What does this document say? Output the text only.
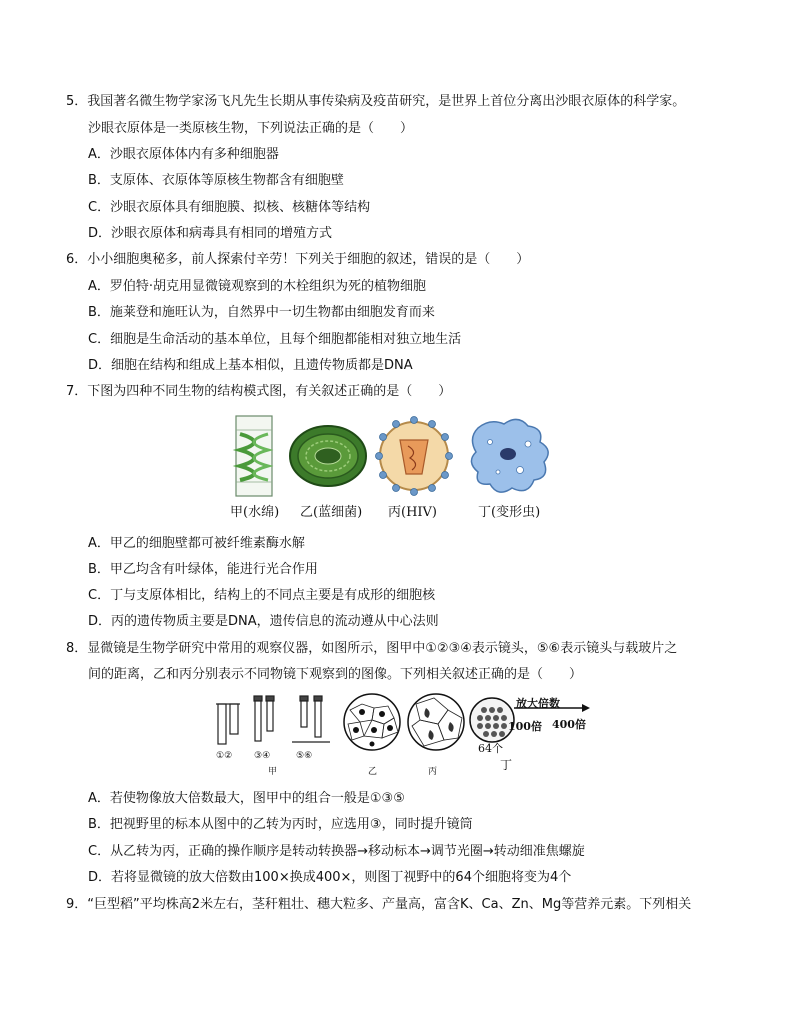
5．我国著名微生物学家汤飞凡先生长期从事传染病及疫苗研究，是世界上首位分离出沙眼衣原体的科学家。
沙眼衣原体是一类原核生物，下列说法正确的是（　　）
A．沙眼衣原体体内有多种细胞器
B．支原体、衣原体等原核生物都含有细胞壁
C．沙眼衣原体具有细胞膜、拟核、核糖体等结构
D．沙眼衣原体和病毒具有相同的增殖方式
6．小小细胞奥秘多，前人探索付辛劳！下列关于细胞的叙述，错误的是（　　）
A．罗伯特·胡克用显微镜观察到的木栓组织为死的植物细胞
B．施莱登和施旺认为，自然界中一切生物都由细胞发育而来
C．细胞是生命活动的基本单位，且每个细胞都能相对独立地生活
D．细胞在结构和组成上基本相似，且遗传物质都是DNA
7．下图为四种不同生物的结构模式图，有关叙述正确的是（　　）
甲(水绵) 乙(蓝细菌) 丙(HIV)	丁(变形虫)
A．甲乙的细胞壁都可被纤维素酶水解
B．甲乙均含有叶绿体，能进行光合作用
C．丁与支原体相比，结构上的不同点主要是有成形的细胞核
D．丙的遗传物质主要是DNA，遗传信息的流动遵从中心法则
8．显微镜是生物学研究中常用的观察仪器，如图所示，图甲中①②③④表示镜头，⑤⑥表示镜头与载玻片之
间的距离，乙和丙分别表示不同物镜下观察到的图像。下列相关叙述正确的是（　　）
①② ③④	⑤⑥
甲	乙	丙
64个
丁
放大倍数
100倍 400倍
A．若使物像放大倍数最大，图甲中的组合一般是①③⑤
B．把视野里的标本从图中的乙转为丙时，应选用③，同时提升镜筒
C．从乙转为丙，正确的操作顺序是转动转换器→移动标本→调节光圈→转动细准焦螺旋
D．若将显微镜的放大倍数由100×换成400×，则图丁视野中的64个细胞将变为4个
9．“巨型稻”平均株高2米左右，茎秆粗壮、穗大粒多、产量高，富含K、Ca、Zn、Mg等营养元素。下列相关
